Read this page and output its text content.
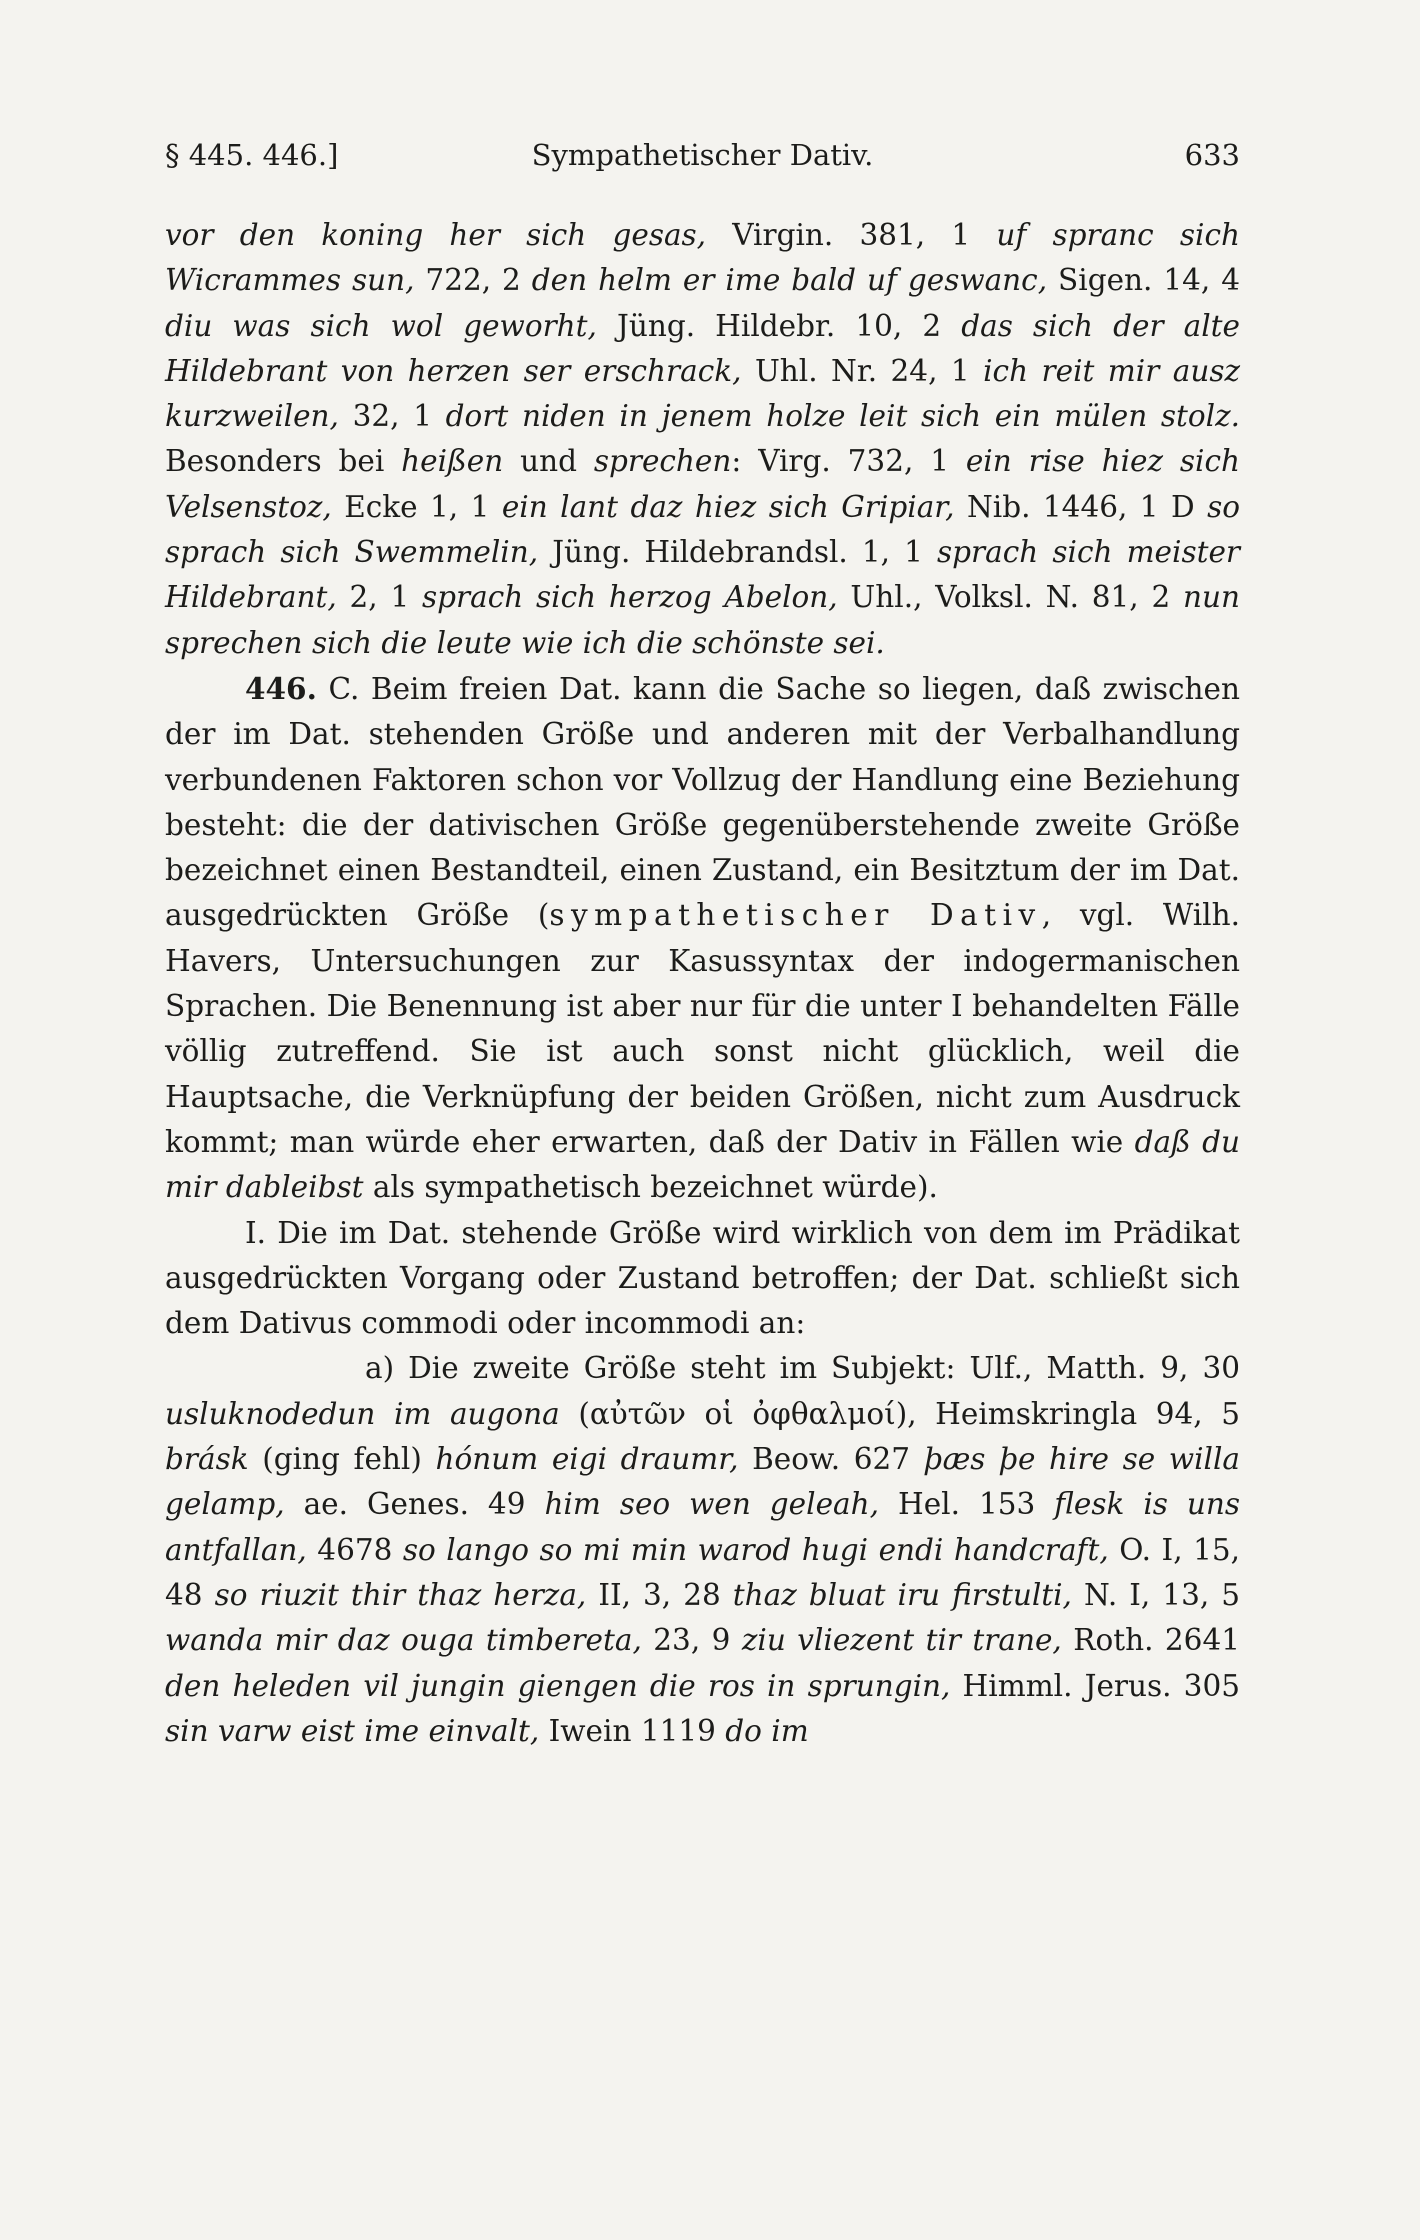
§ 445. 446.]	Sympathetischer Dativ.	633

vor den koning her sich gesas, Virgin. 381, 1 uf spranc sich Wicrammes sun, 722, 2 den helm er ime bald uf geswanc, Sigen. 14, 4 diu was sich wol geworht, Jüng. Hildebr. 10, 2 das sich der alte Hildebrant von herzen ser erschrack, Uhl. Nr. 24, 1 ich reit mir ausz kurzweilen, 32, 1 dort niden in jenem holze leit sich ein mülen stolz. Besonders bei heißen und sprechen: Virg. 732, 1 ein rise hiez sich Velsenstoz, Ecke 1, 1 ein lant daz hiez sich Gripiar, Nib. 1446, 1 D so sprach sich Swemmelin, Jüng. Hildebrandsl. 1, 1 sprach sich meister Hildebrant, 2, 1 sprach sich herzog Abelon, Uhl., Volksl. N. 81, 2 nun sprechen sich die leute wie ich die schönste sei.

446. C. Beim freien Dat. kann die Sache so liegen, daß zwischen der im Dat. stehenden Größe und anderen mit der Verbalhandlung verbundenen Faktoren schon vor Vollzug der Handlung eine Beziehung besteht: die der dativischen Größe gegenüberstehende zweite Größe bezeichnet einen Bestandteil, einen Zustand, ein Besitztum der im Dat. ausgedrückten Größe (sympathetischer Dativ, vgl. Wilh. Havers, Untersuchungen zur Kasussyntax der indogermanischen Sprachen. Die Benennung ist aber nur für die unter I behandelten Fälle völlig zutreffend. Sie ist auch sonst nicht glücklich, weil die Hauptsache, die Verknüpfung der beiden Größen, nicht zum Ausdruck kommt; man würde eher erwarten, daß der Dativ in Fällen wie daß du mir dableibst als sympathetisch bezeichnet würde).

I. Die im Dat. stehende Größe wird wirklich von dem im Prädikat ausgedrückten Vorgang oder Zustand betroffen; der Dat. schließt sich dem Dativus commodi oder incommodi an:

a) Die zweite Größe steht im Subjekt: Ulf., Matth. 9, 30 usluknodedun im augona (αὐτῶν οἱ ὀφθαλμοί), Heimskringla 94, 5 brásk (ging fehl) hónum eigi draumr, Beow. 627 þæs þe hire se willa gelamp, ae. Genes. 49 him seo wen geleah, Hel. 153 flesk is uns antfallan, 4678 so lango so mi min warod hugi endi handcraft, O. I, 15, 48 so riuzit thir thaz herza, II, 3, 28 thaz bluat iru firstulti, N. I, 13, 5 wanda mir daz ouga timbereta, 23, 9 ziu vliezent tir trane, Roth. 2641 den heleden vil jungin giengen die ros in sprungin, Himml. Jerus. 305 sin varw eist ime einvalt, Iwein 1119 do im
